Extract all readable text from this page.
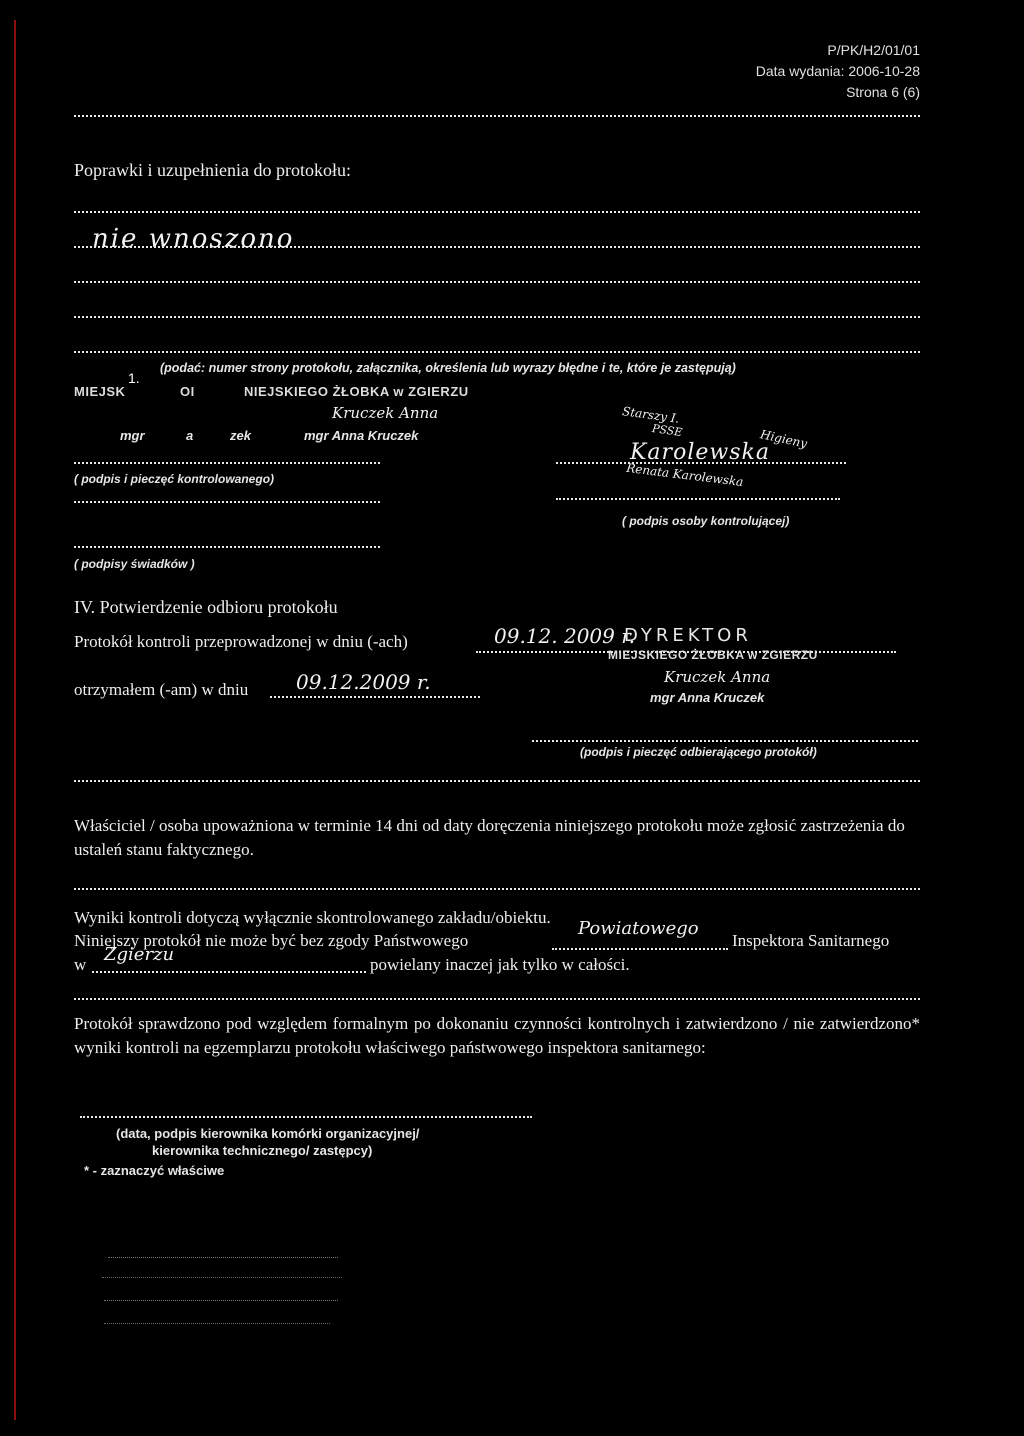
P/PK/H2/01/01
Data wydania: 2006-10-28
Strona 6 (6)
Poprawki i uzupełnienia do protokołu:
nie wnoszono
1.
(podać: numer strony protokołu, załącznika, określenia lub wyrazy błędne i te, które je zastępują)
MIEJSK	OI	NIEJSKIEGO ŻŁOBKA w ZGIERZU
Kruczek Anna
mgr	a	zek	mgr Anna Kruczek
( podpis i pieczęć kontrolowanego)
Starszy I.
PSSE	Higieny
Karolewska
Renata Karolewska
( podpis osoby kontrolującej)
( podpisy świadków )
IV. Potwierdzenie odbioru protokołu
Protokół kontroli przeprowadzonej w dniu (-ach)	09.12. 2009 r.
DYREKTOR
MIEJSKIEGO ŻŁOBKA w ZGIERZU
otrzymałem (-am) w dniu 09.12.2009 r.	Kruczek Anna
mgr Anna Kruczek
(podpis i pieczęć odbierającego protokół)
Właściciel / osoba upoważniona w terminie 14 dni od daty doręczenia niniejszego protokołu może zgłosić zastrzeżenia do ustaleń stanu faktycznego.
Wyniki kontroli dotyczą wyłącznie skontrolowanego zakładu/obiektu.
Niniejszy protokół nie może być bez zgody Państwowego
Powiatowego
Inspektora Sanitarnego
w Zgierzu	powielany inaczej jak tylko w całości.
Protokół sprawdzono pod względem formalnym po dokonaniu czynności kontrolnych i zatwierdzono / nie zatwierdzono* wyniki kontroli na egzemplarzu protokołu właściwego państwowego inspektora sanitarnego:
(data, podpis kierownika komórki organizacyjnej/
kierownika technicznego/ zastępcy)
* - zaznaczyć właściwe
